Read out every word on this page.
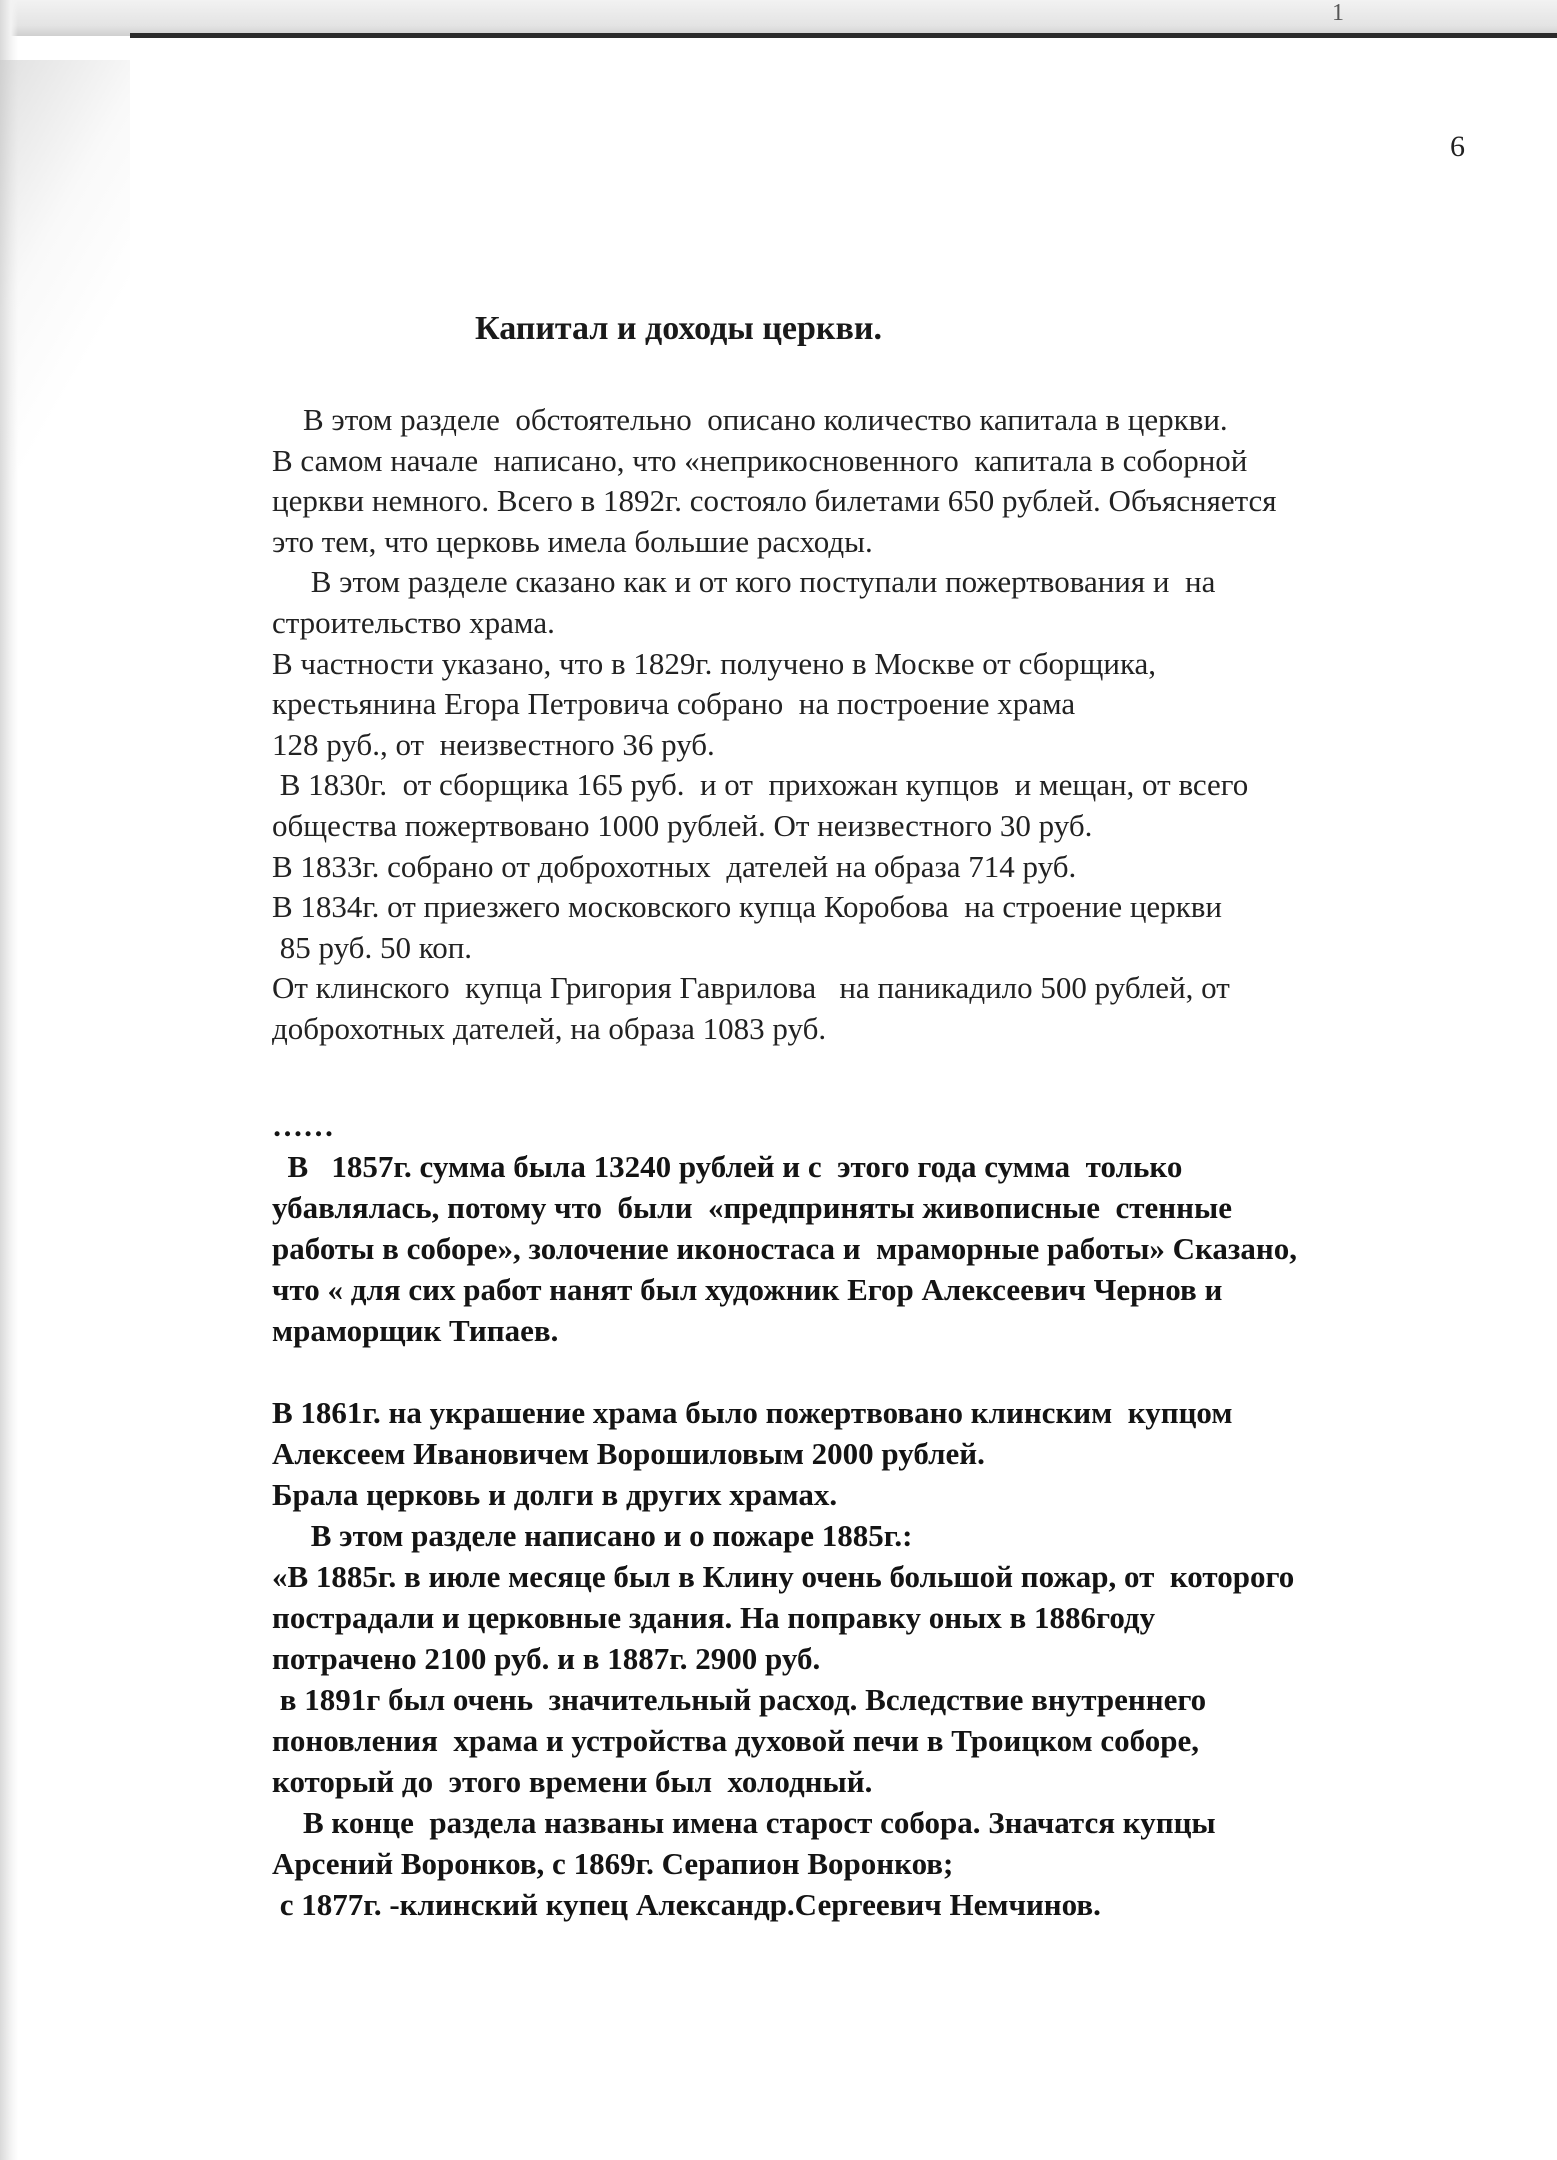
1
6
Капитал и доходы церкви.
В этом разделе  обстоятельно  описано количество капитала в церкви.
В самом начале  написано, что «неприкосновенного  капитала в соборной
церкви немного. Всего в 1892г. состояло билетами 650 рублей. Объясняется
это тем, что церковь имела большие расходы.
В этом разделе сказано как и от кого поступали пожертвования и  на
строительство храма.
В частности указано, что в 1829г. получено в Москве от сборщика,
крестьянина Егора Петровича собрано  на построение храма
128 руб., от  неизвестного 36 руб.
В 1830г.  от сборщика 165 руб.  и от  прихожан купцов  и мещан, от всего
общества пожертвовано 1000 рублей. От неизвестного 30 руб.
В 1833г. собрано от доброхотных  дателей на образа 714 руб.
В 1834г. от приезжего московского купца Коробова  на строение церкви
85 руб. 50 коп.
От клинского  купца Григория Гаврилова   на паникадило 500 рублей, от
доброхотных дателей, на образа 1083 руб.
……
В   1857г. сумма была 13240 рублей и с  этого года сумма  только
убавлялась, потому что  были  «предприняты живописные  стенные
работы в соборе», золочение иконостаса и  мраморные работы» Сказано,
что « для сих работ нанят был художник Егор Алексеевич Чернов и
мраморщик Типаев.
В 1861г. на украшение храма было пожертвовано клинским  купцом
Алексеем Ивановичем Ворошиловым 2000 рублей.
Брала церковь и долги в других храмах.
В этом разделе написано и о пожаре 1885г.:
«В 1885г. в июле месяце был в Клину очень большой пожар, от  которого
пострадали и церковные здания. На поправку оных в 1886году
потрачено 2100 руб. и в 1887г. 2900 руб.
в 1891г был очень  значительный расход. Вследствие внутреннего
поновления  храма и устройства духовой печи в Троицком соборе,
который до  этого времени был  холодный.
В конце  раздела названы имена старост собора. Значатся купцы
Арсений Воронков, с 1869г. Серапион Воронков;
с 1877г. -клинский купец Александр.Сергеевич Немчинов.
